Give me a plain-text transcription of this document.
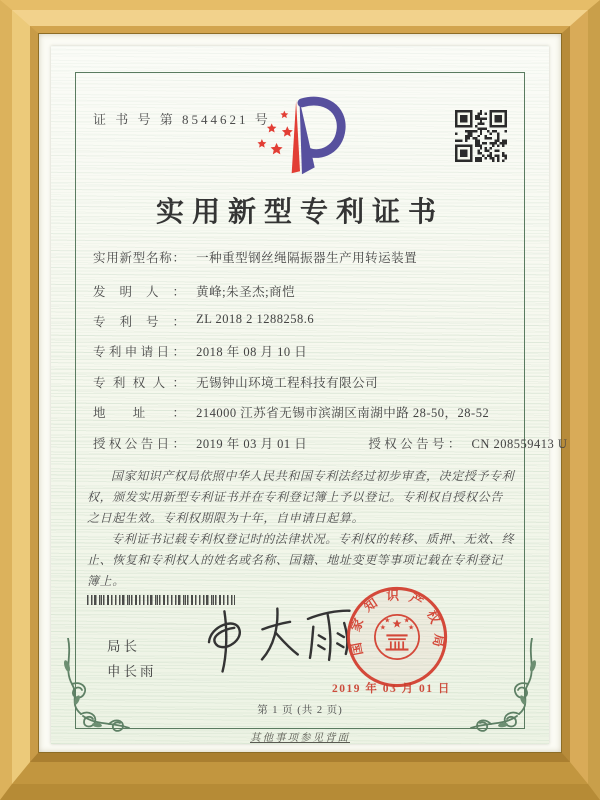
证 书 号 第 8544621 号
实用新型专利证书
实用新型名称： 一种重型钢丝绳隔振器生产用转运装置
发明人： 黄峰;朱圣杰;商恺
专利号： ZL 2018 2 1288258.6
专利申请日： 2018 年 08 月 10 日
专利权人： 无锡钟山环境工程科技有限公司
地址： 214000 江苏省无锡市滨湖区南湖中路 28-50，28-52
授权公告日： 2019 年 03 月 01 日	授权公告号： CN 208559413 U

国家知识产权局依照中华人民共和国专利法经过初步审查，决定授予专利权，颁发实用新型专利证书并在专利登记簿上予以登记。专利权自授权公告之日起生效。专利权期限为十年，自申请日起算。

专利证书记载专利权登记时的法律状况。专利权的转移、质押、无效、终止、恢复和专利权人的姓名或名称、国籍、地址变更等事项记载在专利登记簿上。

局长
申长雨
国家知识产权局
2019 年 03 月 01 日
第 1 页 (共 2 页)
其他事项参见背面
